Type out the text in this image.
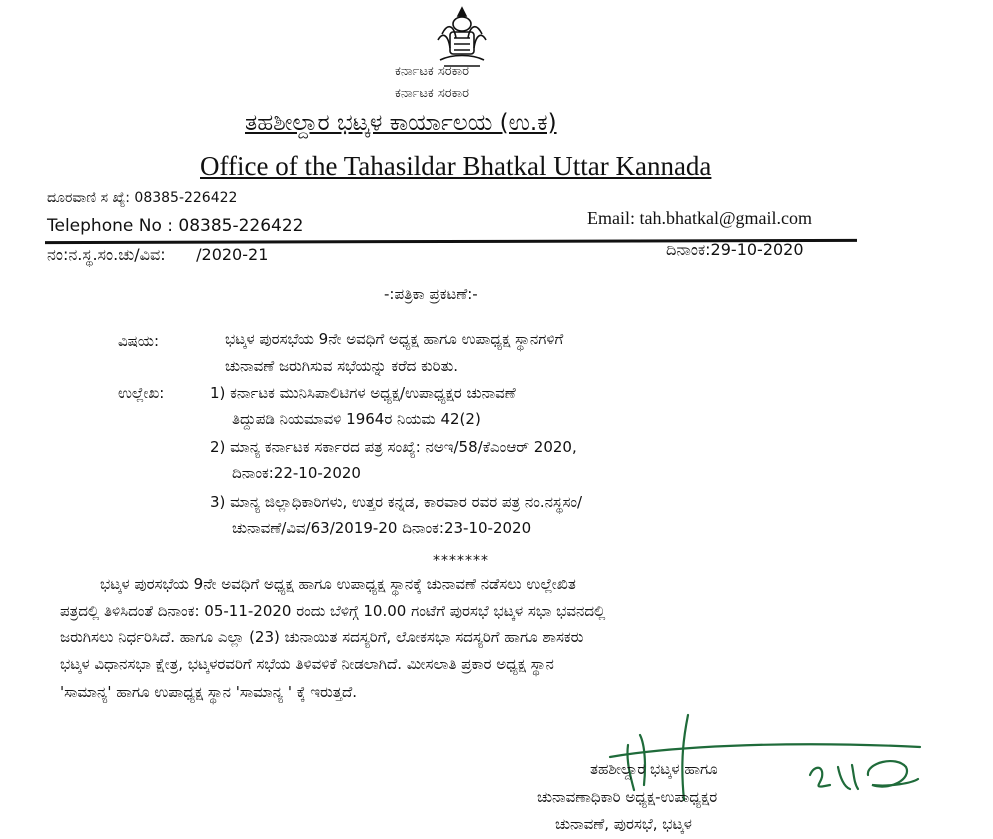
ಕರ್ನಾಟಕ ಸರಕಾರ
ಕರ್ನಾಟಕ ಸರಕಾರ
ತಹಶೀಲ್ದಾರ ಭಟ್ಕಳ ಕಾರ್ಯಾಲಯ (ಉ.ಕ)
Office of the Tahasildar Bhatkal Uttar Kannada
ದೂರವಾಣಿ ಸ ಖ್ಯೆ: 08385-226422
Telephone No : 08385-226422	Email: tah.bhatkal@gmail.com
ನಂ:ನ.ಸ್ಥ.ಸಂ.ಚು/ವಿವ:      /2020-21	ದಿನಾಂಕ:29-10-2020
-:ಪತ್ರಿಕಾ ಪ್ರಕಟಣೆ:-
ವಿಷಯ:	ಭಟ್ಕಳ ಪುರಸಭೆಯ 9ನೇ ಅವಧಿಗೆ ಅಧ್ಯಕ್ಷ ಹಾಗೂ ಉಪಾಧ್ಯಕ್ಷ ಸ್ಥಾನಗಳಿಗೆ
ಚುನಾವಣೆ ಜರುಗಿಸುವ ಸಭೆಯನ್ನು ಕರೆದ ಕುರಿತು.
ಉಲ್ಲೇಖ:	1) ಕರ್ನಾಟಕ ಮುನಿಸಿಪಾಲಿಟಿಗಳ ಅಧ್ಯಕ್ಷ/ಉಪಾಧ್ಯಕ್ಷರ ಚುನಾವಣೆ
ತಿದ್ದುಪಡಿ ನಿಯಮಾವಳಿ 1964ರ ನಿಯಮ 42(2)
2) ಮಾನ್ಯ ಕರ್ನಾಟಕ ಸರ್ಕಾರದ ಪತ್ರ ಸಂಖ್ಯೆ: ನಅಇ/58/ಕೆಎಂಆರ್ 2020,
ದಿನಾಂಕ:22-10-2020
3) ಮಾನ್ಯ ಜಿಲ್ಲಾಧಿಕಾರಿಗಳು, ಉತ್ತರ ಕನ್ನಡ, ಕಾರವಾರ ರವರ ಪತ್ರ ನಂ.ನಸ್ಥಸಂ/
ಚುನಾವಣೆ/ವಿವ/63/2019-20 ದಿನಾಂಕ:23-10-2020
*******
ಭಟ್ಕಳ ಪುರಸಭೆಯ 9ನೇ ಅವಧಿಗೆ ಅಧ್ಯಕ್ಷ ಹಾಗೂ ಉಪಾಧ್ಯಕ್ಷ ಸ್ಥಾನಕ್ಕೆ ಚುನಾವಣೆ ನಡೆಸಲು ಉಲ್ಲೇಖಿತ
ಪತ್ರದಲ್ಲಿ ತಿಳಿಸಿದಂತೆ ದಿನಾಂಕ: 05-11-2020 ರಂದು ಬೆಳಿಗ್ಗೆ 10.00 ಗಂಟೆಗೆ ಪುರಸಭೆ ಭಟ್ಕಳ ಸಭಾ ಭವನದಲ್ಲಿ
ಜರುಗಿಸಲು ನಿರ್ಧರಿಸಿದೆ. ಹಾಗೂ ಎಲ್ಲಾ (23) ಚುನಾಯಿತ ಸದಸ್ಯರಿಗೆ, ಲೋಕಸಭಾ ಸದಸ್ಯರಿಗೆ ಹಾಗೂ ಶಾಸಕರು
ಭಟ್ಕಳ ವಿಧಾನಸಭಾ ಕ್ಷೇತ್ರ, ಭಟ್ಕಳರವರಿಗೆ ಸಭೆಯ ತಿಳಿವಳಿಕೆ ನೀಡಲಾಗಿದೆ. ಮೀಸಲಾತಿ ಪ್ರಕಾರ ಅಧ್ಯಕ್ಷ ಸ್ಥಾನ
'ಸಾಮಾನ್ಯ' ಹಾಗೂ ಉಪಾಧ್ಯಕ್ಷ ಸ್ಥಾನ 'ಸಾಮಾನ್ಯ ' ಕ್ಕೆ ಇರುತ್ತದೆ.
ತಹಶೀಲ್ದಾರ ಭಟ್ಕಳ ಹಾಗೂ
ಚುನಾವಣಾಧಿಕಾರಿ ಅಧ್ಯಕ್ಷ-ಉಪಾಧ್ಯಕ್ಷರ
ಚುನಾವಣೆ, ಪುರಸಭೆ, ಭಟ್ಕಳ
